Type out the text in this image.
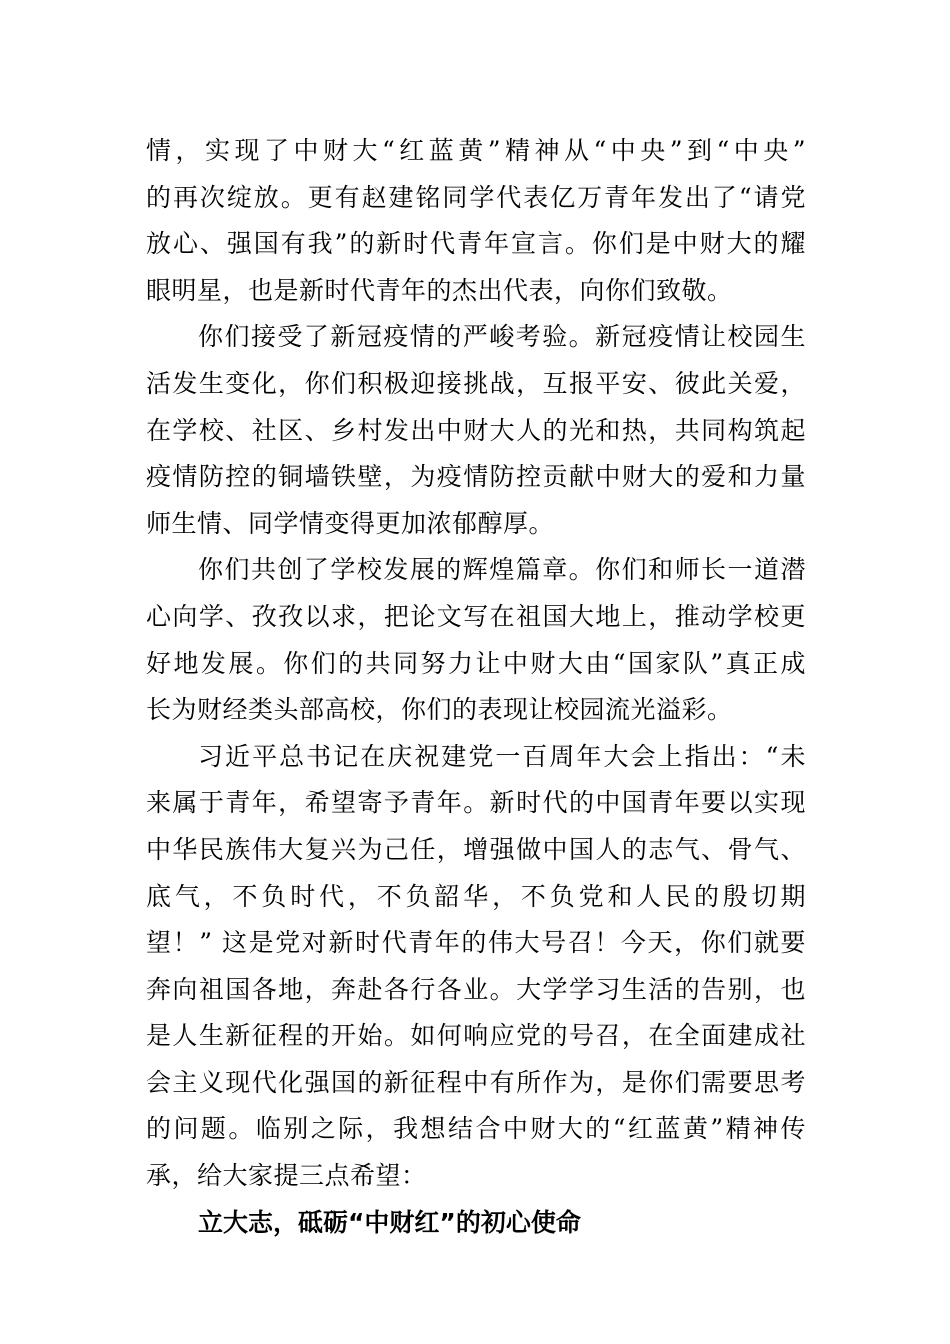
情，实现了中财大“红蓝黄”精神从“中央”到“中央”
的再次绽放。更有赵建铭同学代表亿万青年发出了“请党
放心、强国有我”的新时代青年宣言。你们是中财大的耀
眼明星，也是新时代青年的杰出代表，向你们致敬。
你们接受了新冠疫情的严峻考验。新冠疫情让校园生
活发生变化，你们积极迎接挑战，互报平安、彼此关爱，
在学校、社区、乡村发出中财大人的光和热，共同构筑起
疫情防控的铜墙铁壁，为疫情防控贡献中财大的爱和力量
师生情、同学情变得更加浓郁醇厚。
你们共创了学校发展的辉煌篇章。你们和师长一道潜
心向学、孜孜以求，把论文写在祖国大地上，推动学校更
好地发展。你们的共同努力让中财大由“国家队”真正成
长为财经类头部高校，你们的表现让校园流光溢彩。
习近平总书记在庆祝建党一百周年大会上指出：“未
来属于青年，希望寄予青年。新时代的中国青年要以实现
中华民族伟大复兴为己任，增强做中国人的志气、骨气、
底气，不负时代，不负韶华，不负党和人民的殷切期
望！” 这是党对新时代青年的伟大号召！今天，你们就要
奔向祖国各地，奔赴各行各业。大学学习生活的告别，也
是人生新征程的开始。如何响应党的号召，在全面建成社
会主义现代化强国的新征程中有所作为，是你们需要思考
的问题。临别之际，我想结合中财大的“红蓝黄”精神传
承，给大家提三点希望：
立大志，砥砺“中财红”的初心使命
